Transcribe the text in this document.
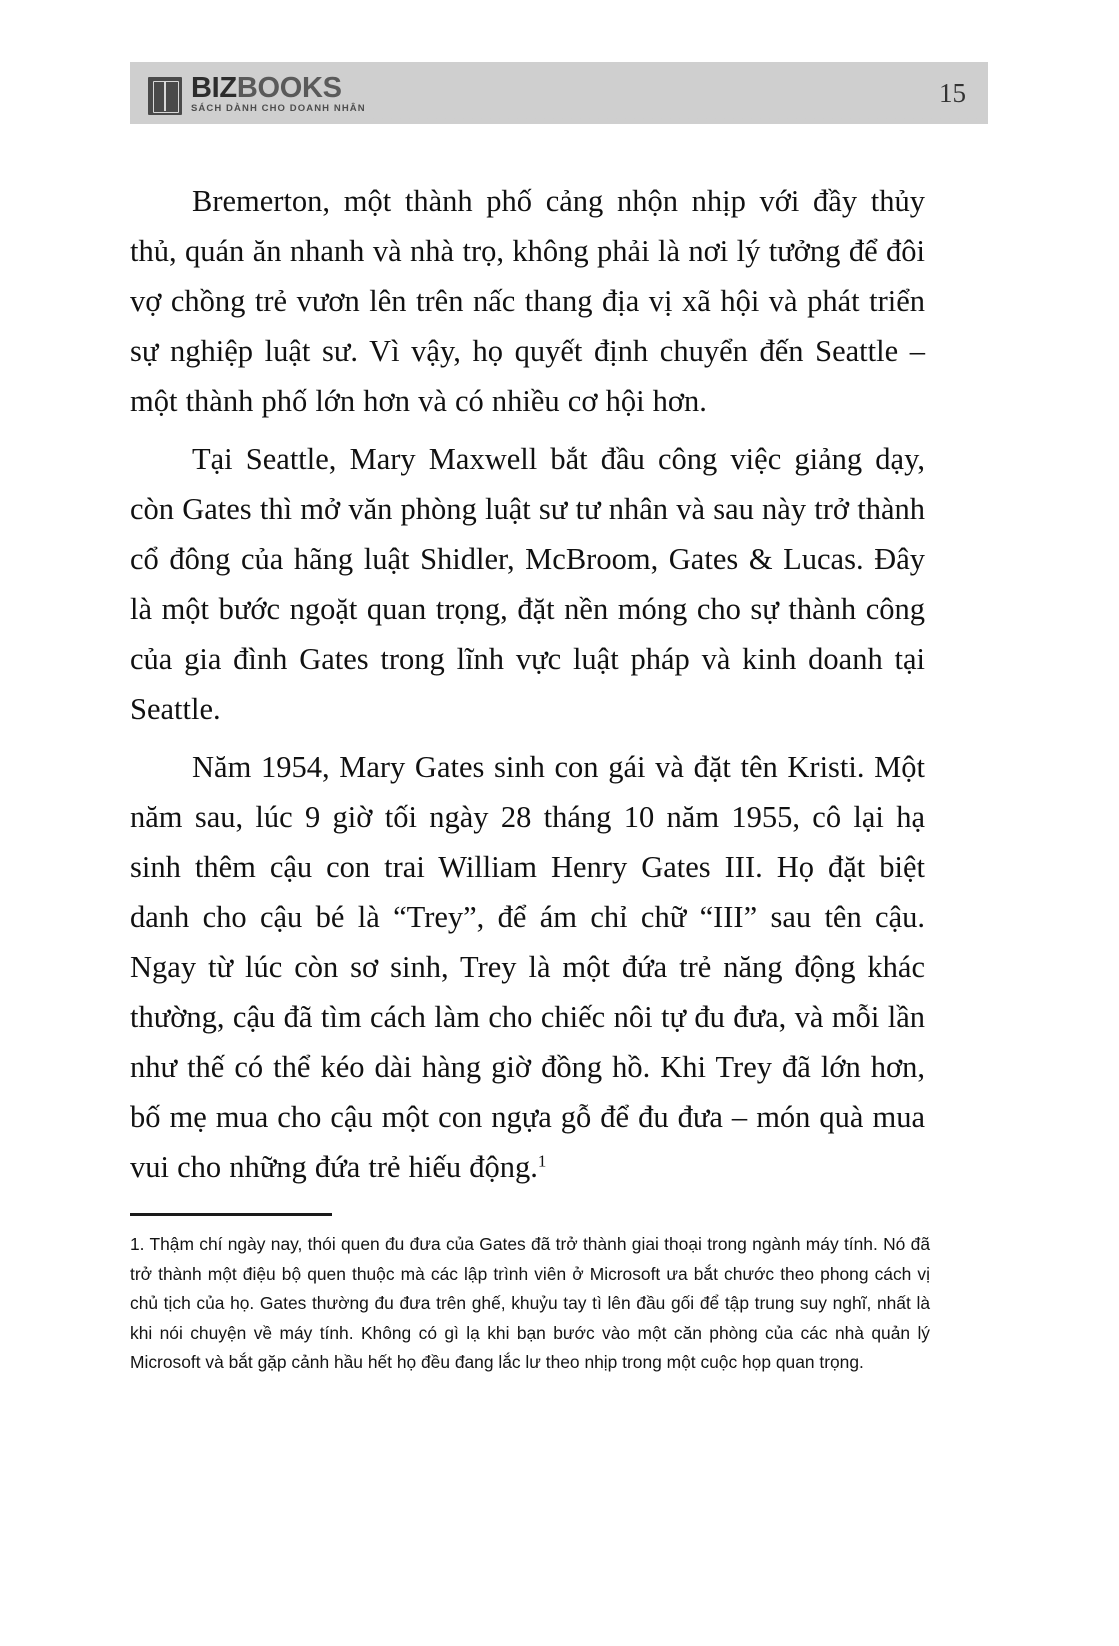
BIZBOOKS
SÁCH DÀNH CHO DOANH NHÂN
15

Bremerton, một thành phố cảng nhộn nhịp với đầy thủy thủ, quán ăn nhanh và nhà trọ, không phải là nơi lý tưởng để đôi vợ chồng trẻ vươn lên trên nấc thang địa vị xã hội và phát triển sự nghiệp luật sư. Vì vậy, họ quyết định chuyển đến Seattle – một thành phố lớn hơn và có nhiều cơ hội hơn.

Tại Seattle, Mary Maxwell bắt đầu công việc giảng dạy, còn Gates thì mở văn phòng luật sư tư nhân và sau này trở thành cổ đông của hãng luật Shidler, McBroom, Gates & Lucas. Đây là một bước ngoặt quan trọng, đặt nền móng cho sự thành công của gia đình Gates trong lĩnh vực luật pháp và kinh doanh tại Seattle.

Năm 1954, Mary Gates sinh con gái và đặt tên Kristi. Một năm sau, lúc 9 giờ tối ngày 28 tháng 10 năm 1955, cô lại hạ sinh thêm cậu con trai William Henry Gates III. Họ đặt biệt danh cho cậu bé là “Trey”, để ám chỉ chữ “III” sau tên cậu. Ngay từ lúc còn sơ sinh, Trey là một đứa trẻ năng động khác thường, cậu đã tìm cách làm cho chiếc nôi tự đu đưa, và mỗi lần như thế có thể kéo dài hàng giờ đồng hồ. Khi Trey đã lớn hơn, bố mẹ mua cho cậu một con ngựa gỗ để đu đưa – món quà mua vui cho những đứa trẻ hiếu động.$^1$

1. Thậm chí ngày nay, thói quen đu đưa của Gates đã trở thành giai thoại trong ngành máy tính. Nó đã trở thành một điệu bộ quen thuộc mà các lập trình viên ở Microsoft ưa bắt chước theo phong cách vị chủ tịch của họ. Gates thường đu đưa trên ghế, khuỷu tay tì lên đầu gối để tập trung suy nghĩ, nhất là khi nói chuyện về máy tính. Không có gì lạ khi bạn bước vào một căn phòng của các nhà quản lý Microsoft và bắt gặp cảnh hầu hết họ đều đang lắc lư theo nhịp trong một cuộc họp quan trọng.
